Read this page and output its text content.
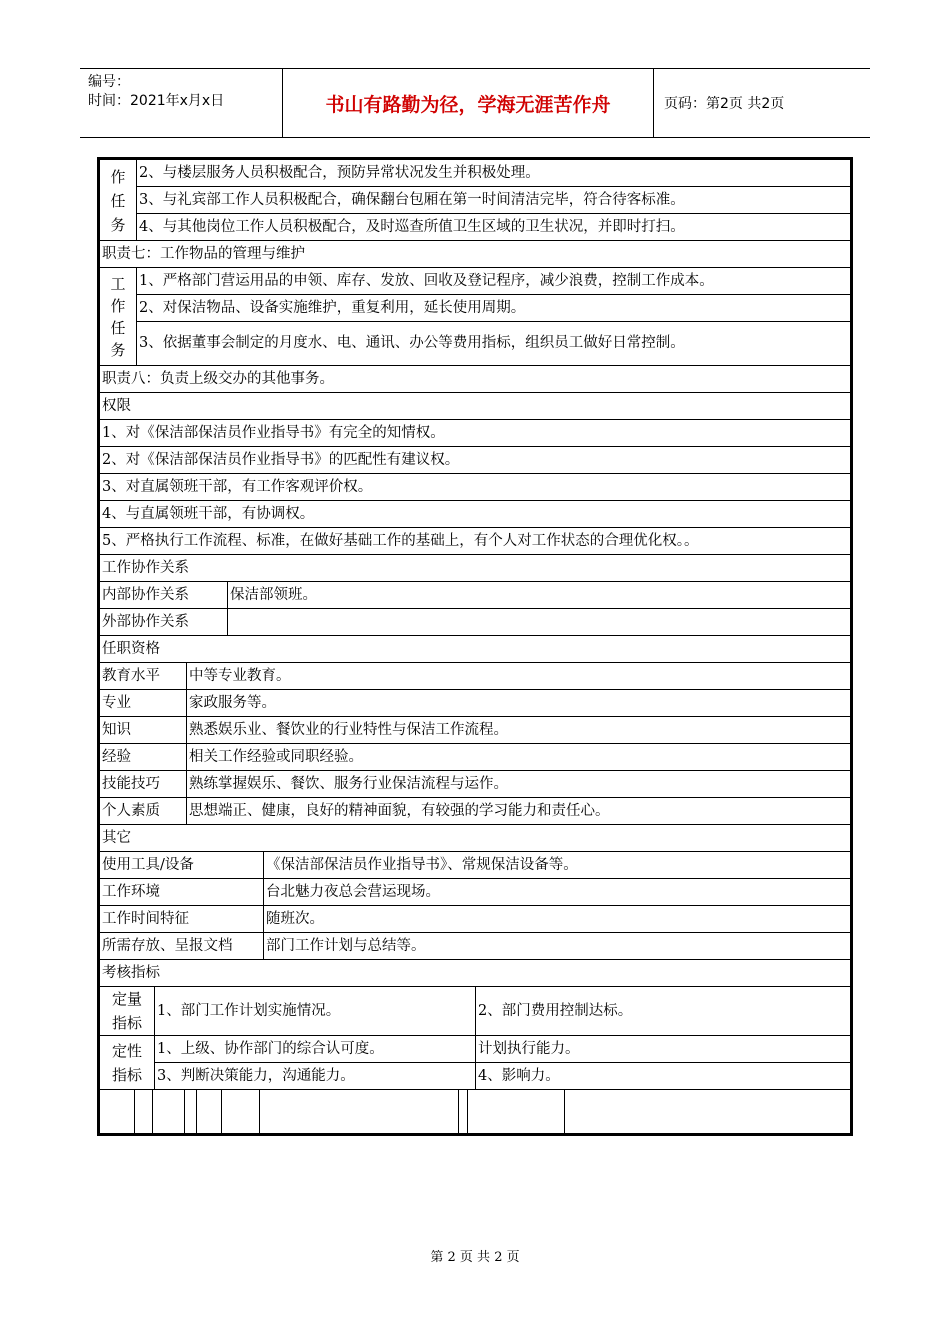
编号：
时间：2021年x月x日	书山有路勤为径，学海无涯苦作舟	页码：第2页 共2页
作
任
务
2、与楼层服务人员积极配合，预防异常状况发生并积极处理。
3、与礼宾部工作人员积极配合，确保翻台包厢在第一时间清洁完毕，符合待客标准。
4、与其他岗位工作人员积极配合，及时巡查所值卫生区域的卫生状况，并即时打扫。
职责七：工作物品的管理与维护
工
作
任
务
1、严格部门营运用品的申领、库存、发放、回收及登记程序，减少浪费，控制工作成本。
2、对保洁物品、设备实施维护，重复利用，延长使用周期。
3、依据董事会制定的月度水、电、通讯、办公等费用指标，组织员工做好日常控制。
职责八：负责上级交办的其他事务。
权限
1、对《保洁部保洁员作业指导书》有完全的知情权。
2、对《保洁部保洁员作业指导书》的匹配性有建议权。
3、对直属领班干部，有工作客观评价权。
4、与直属领班干部，有协调权。
5、严格执行工作流程、标准，在做好基础工作的基础上，有个人对工作状态的合理优化权。。
工作协作关系
内部协作关系	保洁部领班。
外部协作关系
任职资格
教育水平	中等专业教育。
专业	家政服务等。
知识	熟悉娱乐业、餐饮业的行业特性与保洁工作流程。
经验	相关工作经验或同职经验。
技能技巧	熟练掌握娱乐、餐饮、服务行业保洁流程与运作。
个人素质	思想端正、健康，良好的精神面貌，有较强的学习能力和责任心。
其它
使用工具/设备	《保洁部保洁员作业指导书》、常规保洁设备等。
工作环境	台北魅力夜总会营运现场。
工作时间特征	随班次。
所需存放、呈报文档	部门工作计划与总结等。
考核指标
定量
指标
1、部门工作计划实施情况。	2、部门费用控制达标。
定性
指标
1、上级、协作部门的综合认可度。	计划执行能力。
3、判断决策能力，沟通能力。	4、影响力。
第 2 页 共 2 页
